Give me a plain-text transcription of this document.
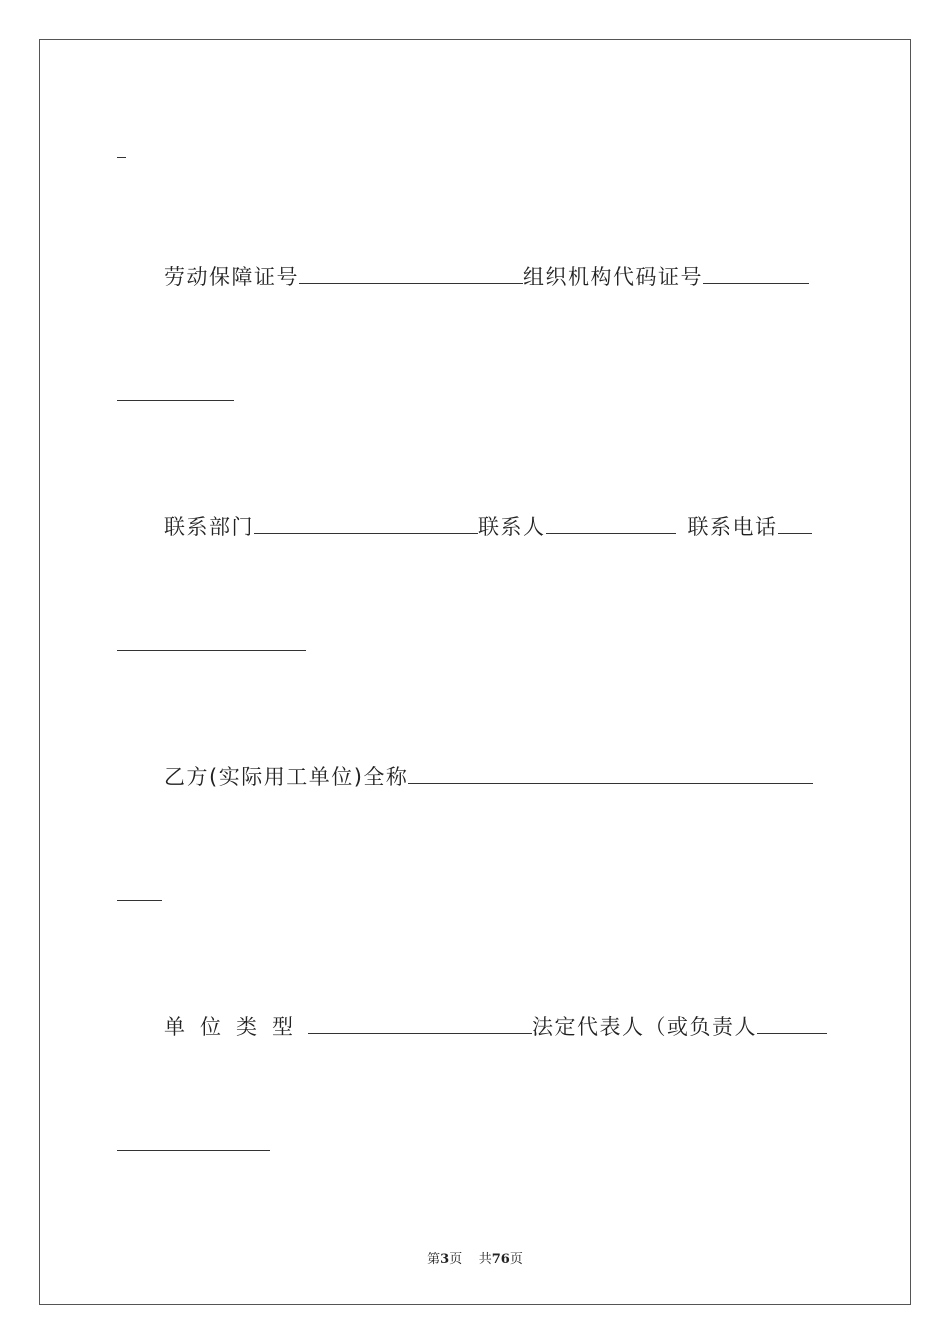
劳动保障证号	组织机构代码证号
联系部门	联系人	联系电话
乙方(实际用工单位)全称
单位类型	法定代表人（或负责人
第3页 共76页
